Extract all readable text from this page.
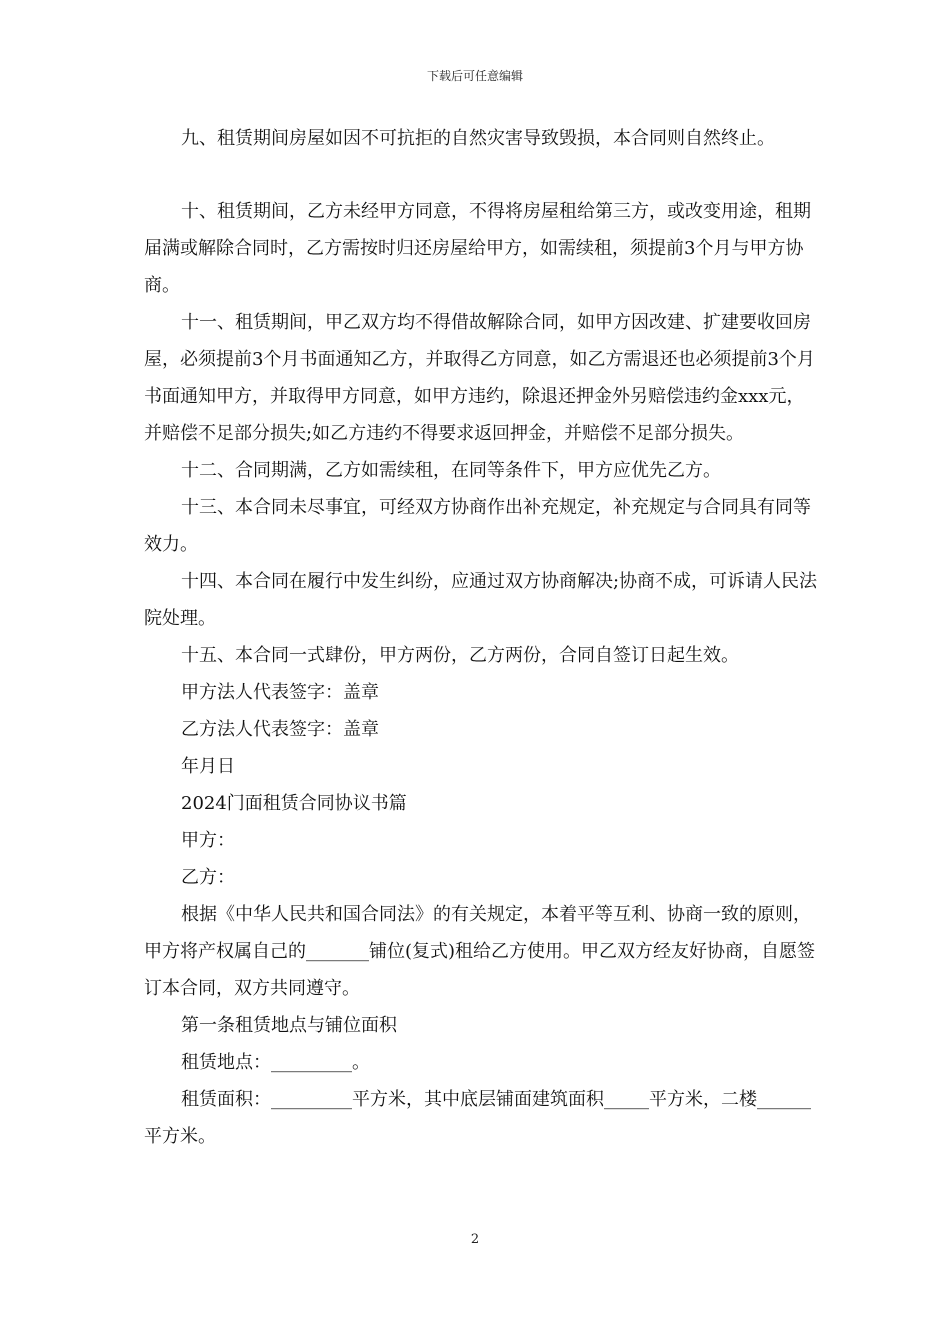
下载后可任意编辑

九、租赁期间房屋如因不可抗拒的自然灾害导致毁损，本合同则自然终止。

十、租赁期间，乙方未经甲方同意，不得将房屋租给第三方，或改变用途，租期届满或解除合同时，乙方需按时归还房屋给甲方，如需续租，须提前3个月与甲方协商。

十一、租赁期间，甲乙双方均不得借故解除合同，如甲方因改建、扩建要收回房屋，必须提前3个月书面通知乙方，并取得乙方同意，如乙方需退还也必须提前3个月书面通知甲方，并取得甲方同意，如甲方违约，除退还押金外另赔偿违约金xxx元，并赔偿不足部分损失;如乙方违约不得要求返回押金，并赔偿不足部分损失。

十二、合同期满，乙方如需续租，在同等条件下，甲方应优先乙方。

十三、本合同未尽事宜，可经双方协商作出补充规定，补充规定与合同具有同等效力。

十四、本合同在履行中发生纠纷，应通过双方协商解决;协商不成，可诉请人民法院处理。

十五、本合同一式肆份，甲方两份，乙方两份，合同自签订日起生效。

甲方法人代表签字：盖章

乙方法人代表签字：盖章

年月日

2024门面租赁合同协议书篇

甲方：

乙方：

根据《中华人民共和国合同法》的有关规定，本着平等互利、协商一致的原则，甲方将产权属自己的_______铺位(复式)租给乙方使用。甲乙双方经友好协商，自愿签订本合同，双方共同遵守。

第一条租赁地点与铺位面积

租赁地点：_________。

租赁面积：_________平方米，其中底层铺面建筑面积_____平方米，二楼______平方米。

2
